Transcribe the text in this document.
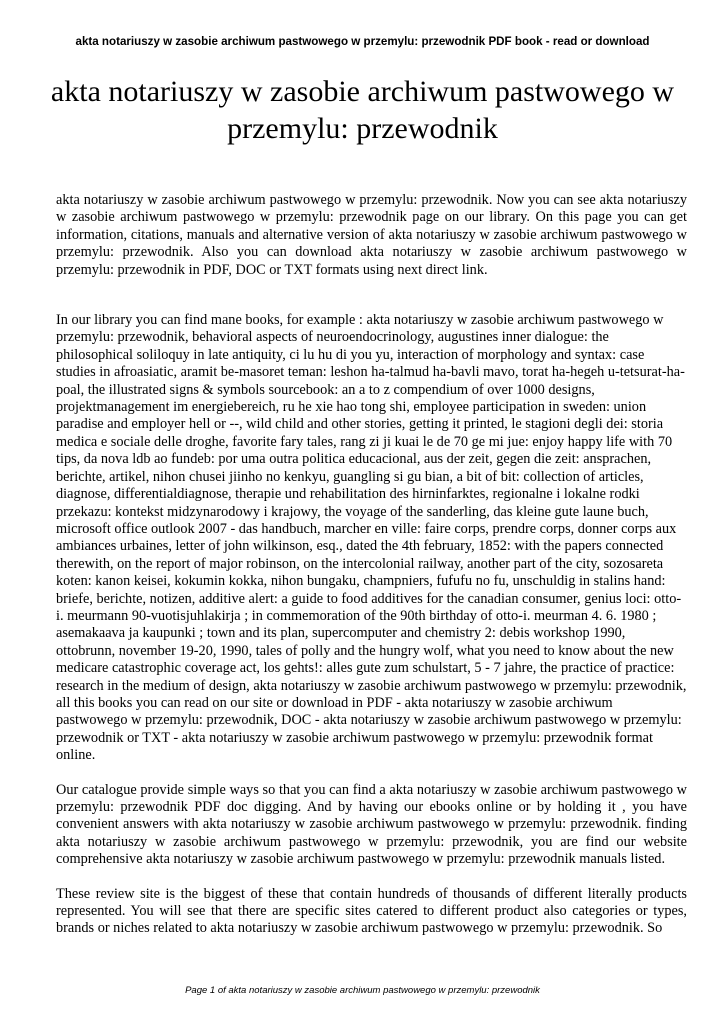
akta notariuszy w zasobie archiwum pastwowego w przemylu: przewodnik PDF book - read or download
akta notariuszy w zasobie archiwum pastwowego w przemylu: przewodnik

akta notariuszy w zasobie archiwum pastwowego w przemylu: przewodnik. Now you can see akta notariuszy w zasobie archiwum pastwowego w przemylu: przewodnik page on our library. On this page you can get information, citations, manuals and alternative version of akta notariuszy w zasobie archiwum pastwowego w przemylu: przewodnik. Also you can download akta notariuszy w zasobie archiwum pastwowego w przemylu: przewodnik in PDF, DOC or TXT formats using next direct link.

In our library you can find mane books, for example : akta notariuszy w zasobie archiwum pastwowego w przemylu: przewodnik, behavioral aspects of neuroendocrinology, augustines inner dialogue: the philosophical soliloquy in late antiquity, ci lu hu di you yu, interaction of morphology and syntax: case studies in afroasiatic, aramit be-masoret teman: leshon ha-talmud ha-bavli mavo, torat ha-hegeh u-tetsurat-ha-poal, the illustrated signs & symbols sourcebook: an a to z compendium of over 1000 designs, projektmanagement im energiebereich, ru he xie hao tong shi, employee participation in sweden: union paradise and employer hell or --, wild child and other stories, getting it printed, le stagioni degli dei: storia medica e sociale delle droghe, favorite fary tales, rang zi ji kuai le de 70 ge mi jue: enjoy happy life with 70 tips, da nova ldb ao fundeb: por uma outra politica educacional, aus der zeit, gegen die zeit: ansprachen, berichte, artikel, nihon chusei jiinho no kenkyu, guangling si gu bian, a bit of bit: collection of articles, diagnose, differentialdiagnose, therapie und rehabilitation des hirninfarktes, regionalne i lokalne rodki przekazu: kontekst midzynarodowy i krajowy, the voyage of the sanderling, das kleine gute laune buch, microsoft office outlook 2007 - das handbuch, marcher en ville: faire corps, prendre corps, donner corps aux ambiances urbaines, letter of john wilkinson, esq., dated the 4th february, 1852: with the papers connected therewith, on the report of major robinson, on the intercolonial railway, another part of the city, sozosareta koten: kanon keisei, kokumin kokka, nihon bungaku, champniers, fufufu no fu, unschuldig in stalins hand: briefe, berichte, notizen, additive alert: a guide to food additives for the canadian consumer, genius loci: otto-i. meurmann 90-vuotisjuhlakirja ; in commemoration of the 90th birthday of otto-i. meurman 4. 6. 1980 ; asemakaava ja kaupunki ; town and its plan, supercomputer and chemistry 2: debis workshop 1990, ottobrunn, november 19-20, 1990, tales of polly and the hungry wolf, what you need to know about the new medicare catastrophic coverage act, los gehts!: alles gute zum schulstart, 5 - 7 jahre, the practice of practice: research in the medium of design, akta notariuszy w zasobie archiwum pastwowego w przemylu: przewodnik, all this books you can read on our site or download in PDF - akta notariuszy w zasobie archiwum pastwowego w przemylu: przewodnik, DOC - akta notariuszy w zasobie archiwum pastwowego w przemylu: przewodnik or TXT - akta notariuszy w zasobie archiwum pastwowego w przemylu: przewodnik format online.

Our catalogue provide simple ways so that you can find a akta notariuszy w zasobie archiwum pastwowego w przemylu: przewodnik PDF doc digging. And by having our ebooks online or by holding it , you have convenient answers with akta notariuszy w zasobie archiwum pastwowego w przemylu: przewodnik. finding akta notariuszy w zasobie archiwum pastwowego w przemylu: przewodnik, you are find our website comprehensive akta notariuszy w zasobie archiwum pastwowego w przemylu: przewodnik manuals listed.

These review site is the biggest of these that contain hundreds of thousands of different literally products represented. You will see that there are specific sites catered to different product also categories or types, brands or niches related to akta notariuszy w zasobie archiwum pastwowego w przemylu: przewodnik. So

Page 1 of akta notariuszy w zasobie archiwum pastwowego w przemylu: przewodnik
